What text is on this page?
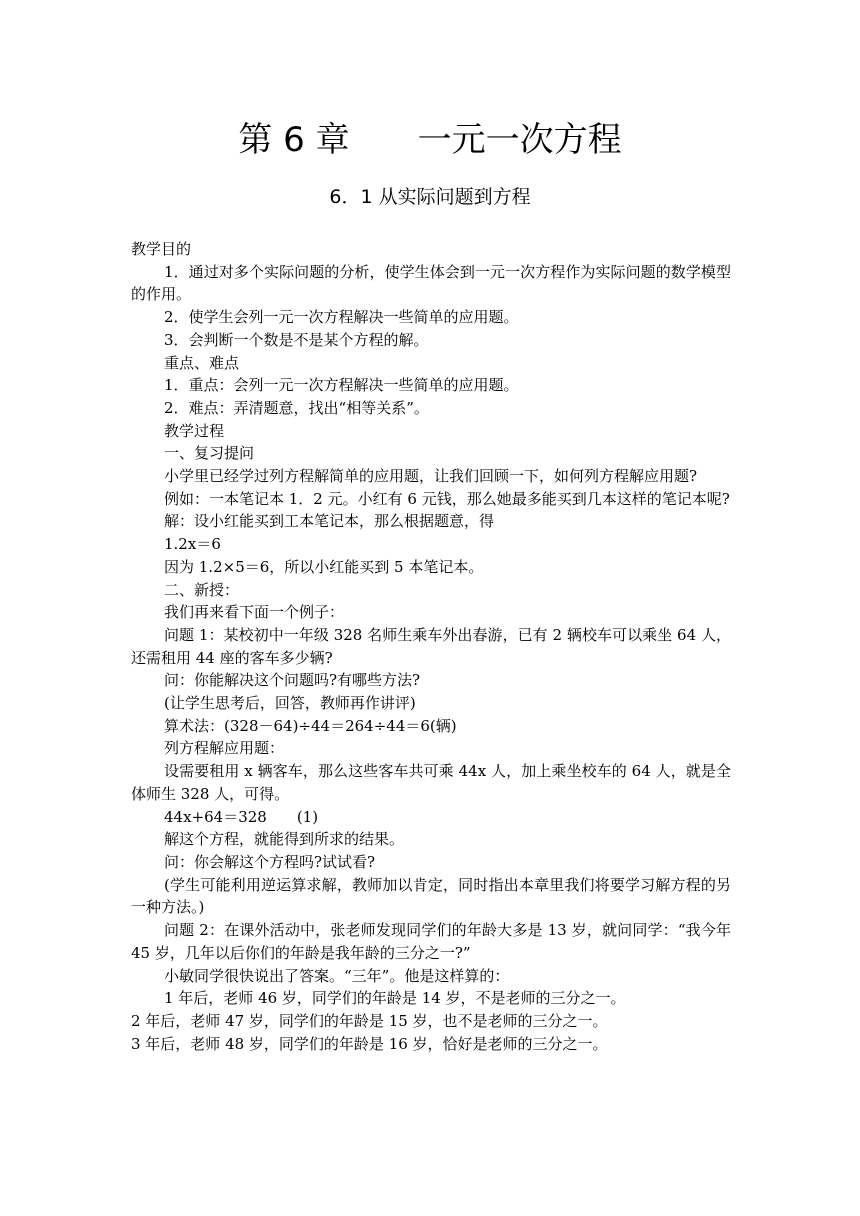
第 6 章　　一元一次方程
6．1 从实际问题到方程

教学目的

1．通过对多个实际问题的分析，使学生体会到一元一次方程作为实际问题的数学模型的作用。

2．使学生会列一元一次方程解决一些简单的应用题。

3．会判断一个数是不是某个方程的解。

重点、难点

1．重点：会列一元一次方程解决一些简单的应用题。

2．难点：弄清题意，找出“相等关系”。

教学过程

一、复习提问

小学里已经学过列方程解简单的应用题，让我们回顾一下，如何列方程解应用题?

例如：一本笔记本 1．2 元。小红有 6 元钱，那么她最多能买到几本这样的笔记本呢?

解：设小红能买到工本笔记本，那么根据题意，得

1.2x＝6

因为 1.2×5＝6，所以小红能买到 5 本笔记本。

二、新授：

我们再来看下面一个例子：

问题 1：某校初中一年级 328 名师生乘车外出春游，已有 2 辆校车可以乘坐 64 人，还需租用 44 座的客车多少辆?

问：你能解决这个问题吗?有哪些方法?

(让学生思考后，回答，教师再作讲评)

算术法：(328－64)÷44＝264÷44＝6(辆)

列方程解应用题：

设需要租用 x 辆客车，那么这些客车共可乘 44x 人，加上乘坐校车的 64 人，就是全体师生 328 人，可得。

44x+64＝328　　(1)

解这个方程，就能得到所求的结果。

问：你会解这个方程吗?试试看?

(学生可能利用逆运算求解，教师加以肯定，同时指出本章里我们将要学习解方程的另一种方法。)

问题 2：在课外活动中，张老师发现同学们的年龄大多是 13 岁，就问同学：“我今年 45 岁，几年以后你们的年龄是我年龄的三分之一?”

小敏同学很快说出了答案。“三年”。他是这样算的：

1 年后，老师 46 岁，同学们的年龄是 14 岁，不是老师的三分之一。

2 年后，老师 47 岁，同学们的年龄是 15 岁，也不是老师的三分之一。

3 年后，老师 48 岁，同学们的年龄是 16 岁，恰好是老师的三分之一。
